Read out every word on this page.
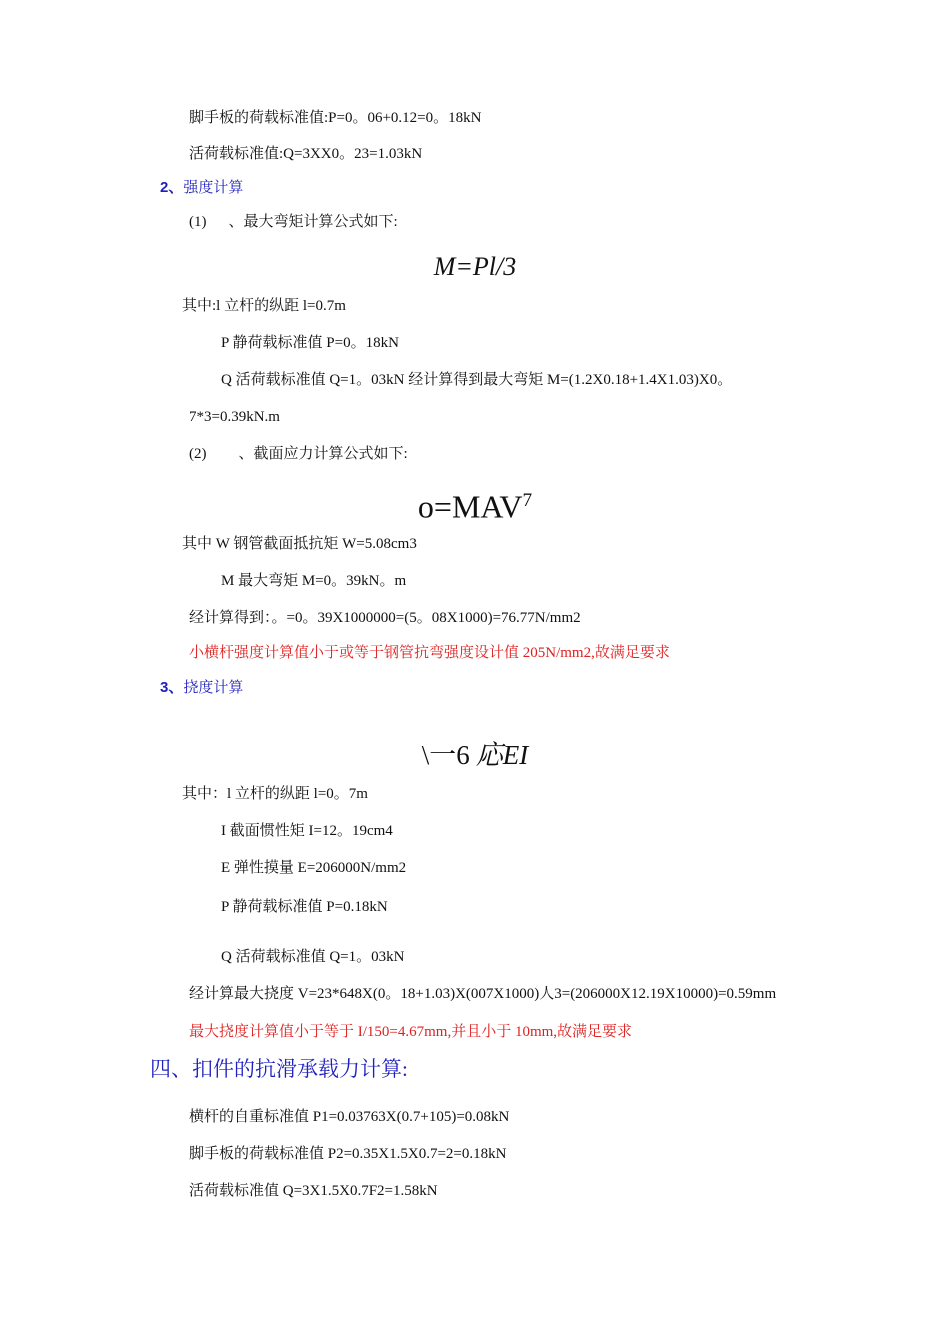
脚手板的荷载标准值:P=0。06+0.12=0。18kN
活荷载标准值:Q=3XX0。23=1.03kN
2、强度计算
(1) 、最大弯矩计算公式如下:
M=Pl/3
其中:l 立杆的纵距 l=0.7m
P 静荷载标准值 P=0。18kN
Q 活荷载标准值 Q=1。03kN 经计算得到最大弯矩 M=(1.2X0.18+1.4X1.03)X0。
7*3=0.39kN.m
(2) 、截面应力计算公式如下:
$o=MAV^7$
其中 W 钢管截面抵抗矩 W=5.08cm3
M 最大弯矩 M=0。39kN。m
经计算得到：。=0。39X1000000=(5。08X1000)=76.77N/mm2
小横杆强度计算值小于或等于钢管抗弯强度设计值 205N/mm2,故满足要求
3、挠度计算
\一6 応EI
其中：l 立杆的纵距 l=0。7m
I 截面惯性矩 I=12。19cm4
E 弹性摸量 E=206000N/mm2
P 静荷载标准值 P=0.18kN
Q 活荷载标准值 Q=1。03kN
经计算最大挠度 V=23*648X(0。18+1.03)X(007X1000)人3=(206000X12.19X10000)=0.59mm
最大挠度计算值小于等于 I/150=4.67mm,并且小于 10mm,故满足要求
四、扣件的抗滑承载力计算:
横杆的自重标准值 P1=0.03763X(0.7+105)=0.08kN
脚手板的荷载标准值 P2=0.35X1.5X0.7=2=0.18kN
活荷载标准值 Q=3X1.5X0.7F2=1.58kN
